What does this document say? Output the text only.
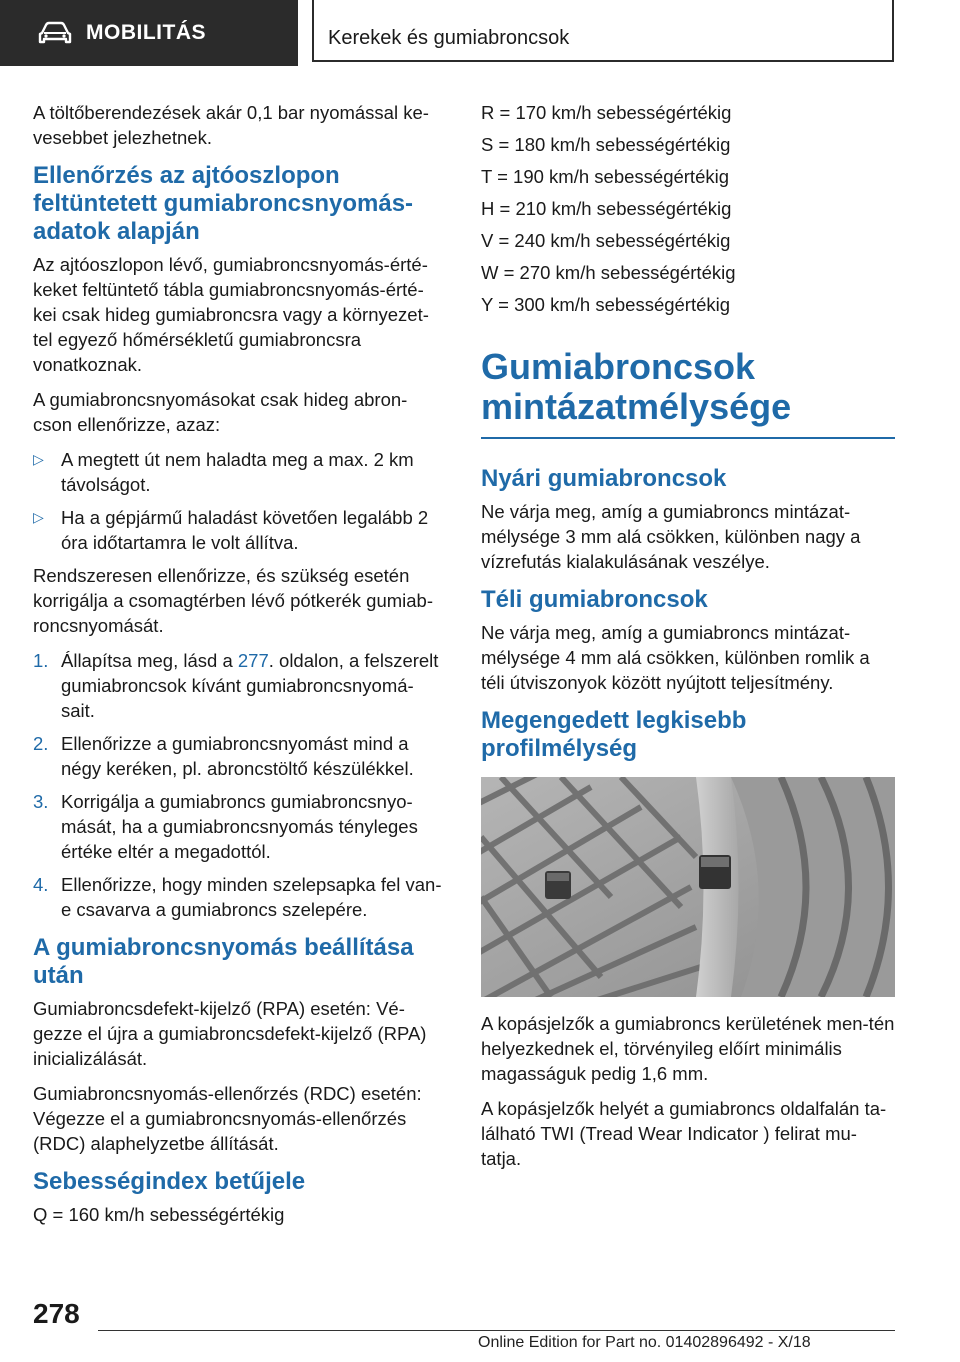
MOBILITÁS	Kerekek és gumiabroncsok

A töltőberendezések akár 0,1 bar nyomással ke-vesebbet jelezhetnek.

Ellenőrzés az ajtóoszlopon feltüntetett gumiabroncsnyomás-adatok alapján

Az ajtóoszlopon lévő, gumiabroncsnyomás-érté-keket feltüntető tábla gumiabroncsnyomás-érté-kei csak hideg gumiabroncsra vagy a környezet-tel egyező hőmérsékletű gumiabroncsra vonatkoznak.

A gumiabroncsnyomásokat csak hideg abron-cson ellenőrizze, azaz:

▷ A megtett út nem haladta meg a max. 2 km távolságot.
▷ Ha a gépjármű haladást követően legalább 2 óra időtartamra le volt állítva.

Rendszeresen ellenőrizze, és szükség esetén korrigálja a csomagtérben lévő pótkerék gumiab-roncsnyomását.

1. Állapítsa meg, lásd a 277. oldalon, a felszerelt gumiabroncsok kívánt gumiabroncsnyomá-sait.
2. Ellenőrizze a gumiabroncsnyomást mind a négy keréken, pl. abroncstöltő készülékkel.
3. Korrigálja a gumiabroncs gumiabroncsnyo-mását, ha a gumiabroncsnyomás tényleges értéke eltér a megadottól.
4. Ellenőrizze, hogy minden szelepsapka fel van-e csavarva a gumiabroncs szelepére.
A gumiabroncsnyomás beállítása után

Gumiabroncsdefekt-kijelző (RPA) esetén: Vé-gezze el újra a gumiabroncsdefekt-kijelző (RPA) inicializálását.

Gumiabroncsnyomás-ellenőrzés (RDC) esetén: Végezze el a gumiabroncsnyomás-ellenőrzés (RDC) alaphelyzetbe állítását.

Sebességindex betűjele

Q = 160 km/h sebességértékig

R = 170 km/h sebességértékig

S = 180 km/h sebességértékig

T = 190 km/h sebességértékig

H = 210 km/h sebességértékig

V = 240 km/h sebességértékig

W = 270 km/h sebességértékig

Y = 300 km/h sebességértékig

Gumiabroncsok mintázatmélysége
Nyári gumiabroncsok

Ne várja meg, amíg a gumiabroncs mintázat-mélysége 3 mm alá csökken, különben nagy a vízrefutás kialakulásának veszélye.

Téli gumiabroncsok

Ne várja meg, amíg a gumiabroncs mintázat-mélysége 4 mm alá csökken, különben romlik a téli útviszonyok között nyújtott teljesítmény.

Megengedett legkisebb profilmélység

A kopásjelzők a gumiabroncs kerületének men-tén helyezkednek el, törvényileg előírt minimális magasságuk pedig 1,6 mm.

A kopásjelzők helyét a gumiabroncs oldalfalán ta-lálható TWI (Tread Wear Indicator ) felirat mu-tatja.

278
Online Edition for Part no. 01402896492 - X/18
